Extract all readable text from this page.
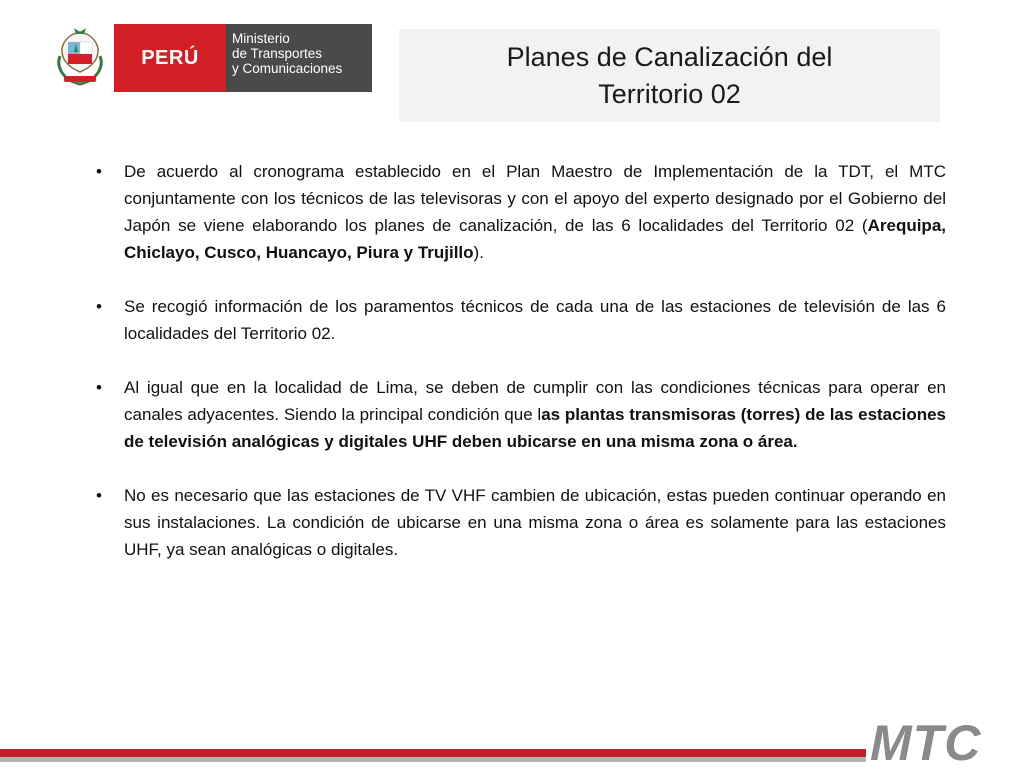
PERÚ
Ministerio
de Transportes
y Comunicaciones	Planes de Canalización del
Territorio 02
• De acuerdo al cronograma establecido en el Plan Maestro de Implementación de la TDT, el MTC conjuntamente con los técnicos de las televisoras y con el apoyo del experto designado por el Gobierno del Japón se viene elaborando los planes de canalización, de las 6 localidades del Territorio 02 (Arequipa, Chiclayo, Cusco, Huancayo, Piura y Trujillo).

• Se recogió información de los paramentos técnicos de cada una de las estaciones de televisión de las 6 localidades del Territorio 02.

• Al igual que en la localidad de Lima, se deben de cumplir con las condiciones técnicas para operar en canales adyacentes. Siendo la principal condición que las plantas transmisoras (torres) de las estaciones de televisión analógicas y digitales UHF deben ubicarse en una misma zona o área.

• No es necesario que las estaciones de TV VHF cambien de ubicación, estas pueden continuar operando en sus instalaciones. La condición de ubicarse en una misma zona o área es solamente para las estaciones UHF, ya sean analógicas o digitales.

MTC
